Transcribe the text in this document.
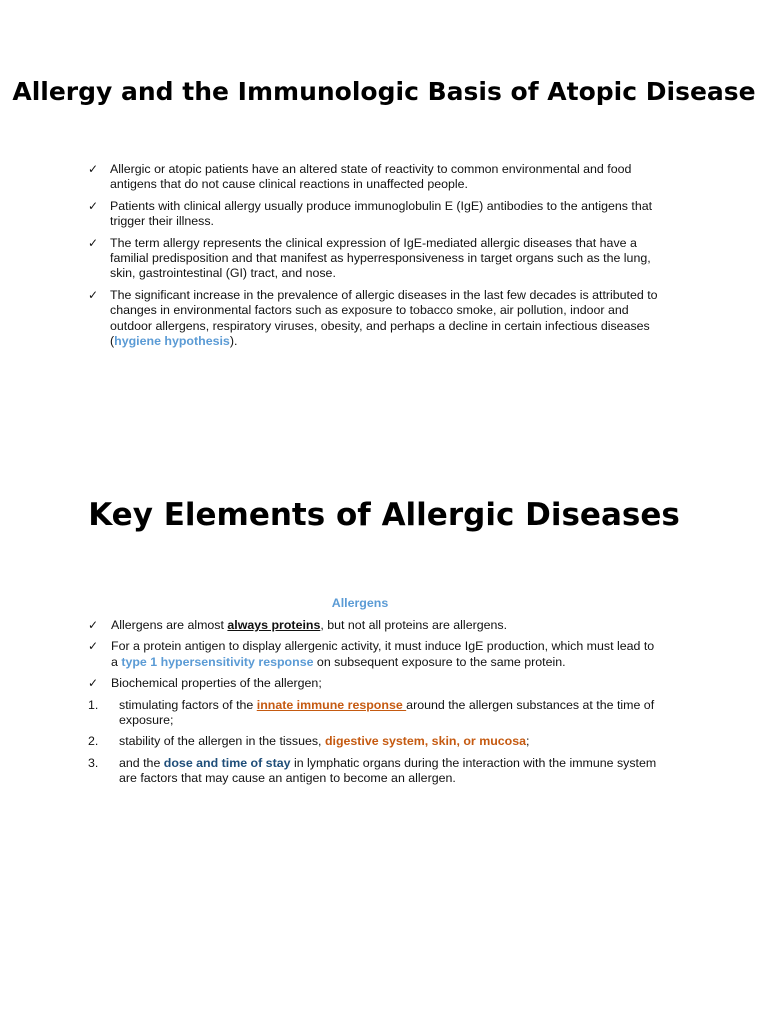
Allergy and the Immunologic Basis of Atopic Disease
✓ Allergic or atopic patients have an altered state of reactivity to common environmental and food antigens that do not cause clinical reactions in unaffected people.
✓ Patients with clinical allergy usually produce immunoglobulin E (IgE) antibodies to the antigens that trigger their illness.
✓ The term allergy represents the clinical expression of IgE-mediated allergic diseases that have a familial predisposition and that manifest as hyperresponsiveness in target organs such as the lung, skin, gastrointestinal (GI) tract, and nose.
✓ The significant increase in the prevalence of allergic diseases in the last few decades is attributed to changes in environmental factors such as exposure to tobacco smoke, air pollution, indoor and outdoor allergens, respiratory viruses, obesity, and perhaps a decline in certain infectious diseases (hygiene hypothesis).
Key Elements of Allergic Diseases
Allergens
✓ Allergens are almost always proteins, but not all proteins are allergens.
✓ For a protein antigen to display allergenic activity, it must induce IgE production, which must lead to a type 1 hypersensitivity response on subsequent exposure to the same protein.
✓ Biochemical properties of the allergen;
1. stimulating factors of the innate immune response around the allergen substances at the time of exposure;
2. stability of the allergen in the tissues, digestive system, skin, or mucosa;
3. and the dose and time of stay in lymphatic organs during the interaction with the immune system are factors that may cause an antigen to become an allergen.
